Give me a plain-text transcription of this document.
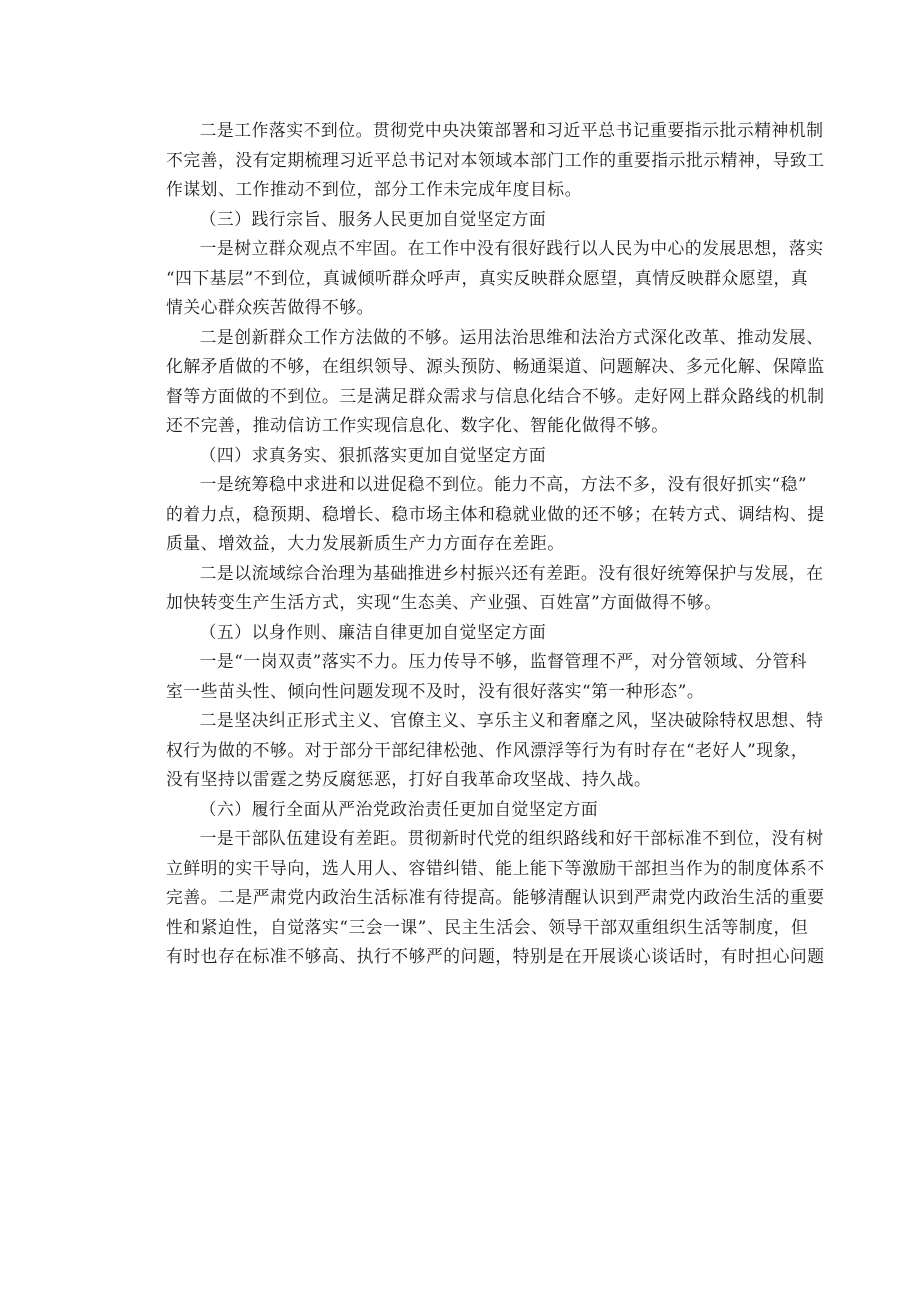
二是工作落实不到位。贯彻党中央决策部署和习近平总书记重要指示批示精神机制
不完善，没有定期梳理习近平总书记对本领域本部门工作的重要指示批示精神，导致工
作谋划、工作推动不到位，部分工作未完成年度目标。

（三）践行宗旨、服务人民更加自觉坚定方面

一是树立群众观点不牢固。在工作中没有很好践行以人民为中心的发展思想，落实
“四下基层”不到位，真诚倾听群众呼声，真实反映群众愿望，真情反映群众愿望，真
情关心群众疾苦做得不够。

二是创新群众工作方法做的不够。运用法治思维和法治方式深化改革、推动发展、
化解矛盾做的不够，在组织领导、源头预防、畅通渠道、问题解决、多元化解、保障监
督等方面做的不到位。三是满足群众需求与信息化结合不够。走好网上群众路线的机制
还不完善，推动信访工作实现信息化、数字化、智能化做得不够。

（四）求真务实、狠抓落实更加自觉坚定方面

一是统筹稳中求进和以进促稳不到位。能力不高，方法不多，没有很好抓实“稳”
的着力点，稳预期、稳增长、稳市场主体和稳就业做的还不够；在转方式、调结构、提
质量、增效益，大力发展新质生产力方面存在差距。

二是以流域综合治理为基础推进乡村振兴还有差距。没有很好统筹保护与发展，在
加快转变生产生活方式，实现“生态美、产业强、百姓富”方面做得不够。

（五）以身作则、廉洁自律更加自觉坚定方面

一是“一岗双责”落实不力。压力传导不够，监督管理不严，对分管领域、分管科
室一些苗头性、倾向性问题发现不及时，没有很好落实“第一种形态”。

二是坚决纠正形式主义、官僚主义、享乐主义和奢靡之风，坚决破除特权思想、特
权行为做的不够。对于部分干部纪律松弛、作风漂浮等行为有时存在“老好人”现象，
没有坚持以雷霆之势反腐惩恶，打好自我革命攻坚战、持久战。

（六）履行全面从严治党政治责任更加自觉坚定方面

一是干部队伍建设有差距。贯彻新时代党的组织路线和好干部标准不到位，没有树
立鲜明的实干导向，选人用人、容错纠错、能上能下等激励干部担当作为的制度体系不
完善。二是严肃党内政治生活标准有待提高。能够清醒认识到严肃党内政治生活的重要
性和紧迫性，自觉落实“三会一课”、民主生活会、领导干部双重组织生活等制度，但
有时也存在标准不够高、执行不够严的问题，特别是在开展谈心谈话时，有时担心问题
